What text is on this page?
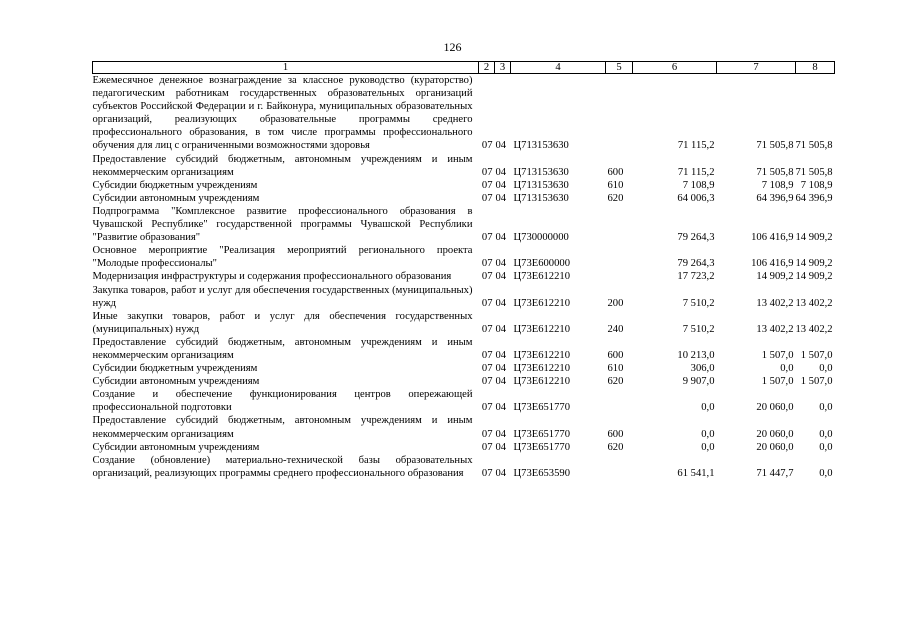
126
1	2	3	4	5	6	7	8
Ежемесячное денежное вознаграждение за классное руководство (кураторство) педагогическим работникам государственных образовательных организаций субъектов Российской Федерации и г. Байконура, муниципальных образовательных организаций, реализующих образовательные программы среднего профессионального образования, в том числе программы профессионального обучения для лиц с ограниченными возможностями здоровья	07	04	Ц713153630		71 115,2	71 505,8	71 505,8
Предоставление субсидий бюджетным, автономным учреждениям и иным некоммерческим организациям	07	04	Ц713153630	600	71 115,2	71 505,8	71 505,8
Субсидии бюджетным учреждениям	07	04	Ц713153630	610	7 108,9	7 108,9	7 108,9
Субсидии автономным учреждениям	07	04	Ц713153630	620	64 006,3	64 396,9	64 396,9
Подпрограмма "Комплексное развитие профессионального образования в Чувашской Республике" государственной программы Чувашской Республики "Развитие образования"	07	04	Ц730000000		79 264,3	106 416,9	14 909,2
Основное мероприятие "Реализация мероприятий регионального проекта "Молодые профессионалы"	07	04	Ц73Е600000		79 264,3	106 416,9	14 909,2
Модернизация инфраструктуры и содержания профессионального образования	07	04	Ц73Е612210		17 723,2	14 909,2	14 909,2
Закупка товаров, работ и услуг для обеспечения государственных (муниципальных) нужд	07	04	Ц73Е612210	200	7 510,2	13 402,2	13 402,2
Иные закупки товаров, работ и услуг для обеспечения государственных (муниципальных) нужд	07	04	Ц73Е612210	240	7 510,2	13 402,2	13 402,2
Предоставление субсидий бюджетным, автономным учреждениям и иным некоммерческим организациям	07	04	Ц73Е612210	600	10 213,0	1 507,0	1 507,0
Субсидии бюджетным учреждениям	07	04	Ц73Е612210	610	306,0	0,0	0,0
Субсидии автономным учреждениям	07	04	Ц73Е612210	620	9 907,0	1 507,0	1 507,0
Создание и обеспечение функционирования центров опережающей профессиональной подготовки	07	04	Ц73Е651770		0,0	20 060,0	0,0
Предоставление субсидий бюджетным, автономным учреждениям и иным некоммерческим организациям	07	04	Ц73Е651770	600	0,0	20 060,0	0,0
Субсидии автономным учреждениям	07	04	Ц73Е651770	620	0,0	20 060,0	0,0
Создание (обновление) материально-технической базы образовательных организаций, реализующих программы среднего профессионального образования	07	04	Ц73Е653590		61 541,1	71 447,7	0,0
